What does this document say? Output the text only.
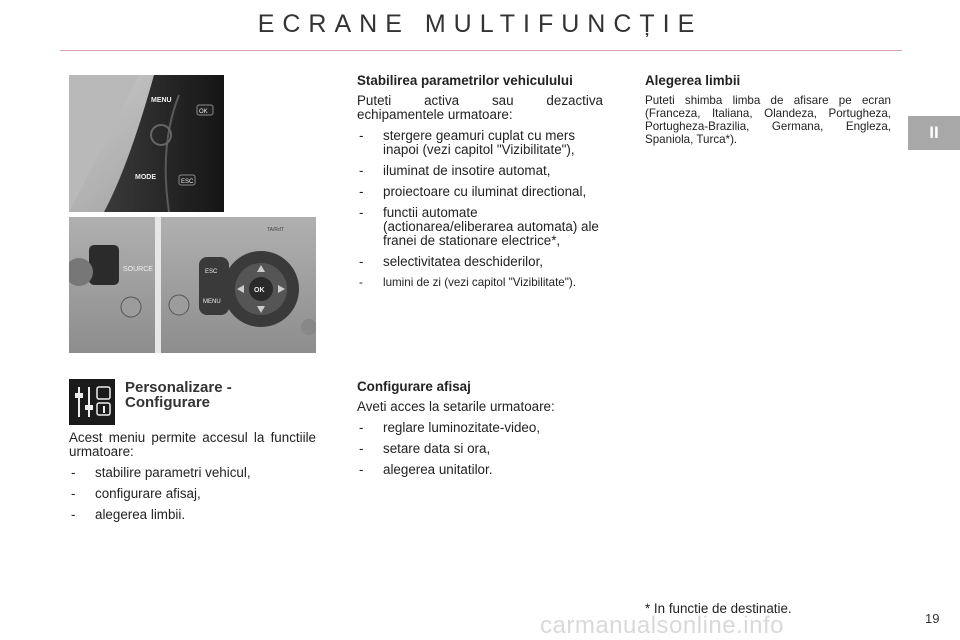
ECRANE MULTIFUNCȚIE
II
MENU
OK
MODE
ESC
SOURCE	ESC
MENU
OK
TA/RdT
Personalizare -
Configurare

Acest meniu permite accesul la functiile urmatoare:

- stabilire parametri vehicul,
- configurare afisaj,
- alegerea limbii.
Stabilirea parametrilor vehiculului

Puteti activa sau dezactiva echipamentele urmatoare:

- stergere geamuri cuplat cu mers inapoi (vezi capitol "Vizibilitate"),
- iluminat de insotire automat,
- proiectoare cu iluminat directional,
- functii automate (actionarea/eliberarea automata) ale franei de stationare electrice*,
- selectivitatea deschiderilor,
- lumini de zi (vezi capitol "Vizibilitate").
Configurare afisaj

Aveti acces la setarile urmatoare:

- reglare luminozitate-video,
- setare data si ora,
- alegerea unitatilor.
Alegerea limbii

Puteti shimba limba de afisare pe ecran (Franceza, Italiana, Olandeza, Portugheza, Portugheza-Brazilia, Germana, Engleza, Spaniola, Turca*).

* In functie de destinatie.
carmanualsonline.info	19
